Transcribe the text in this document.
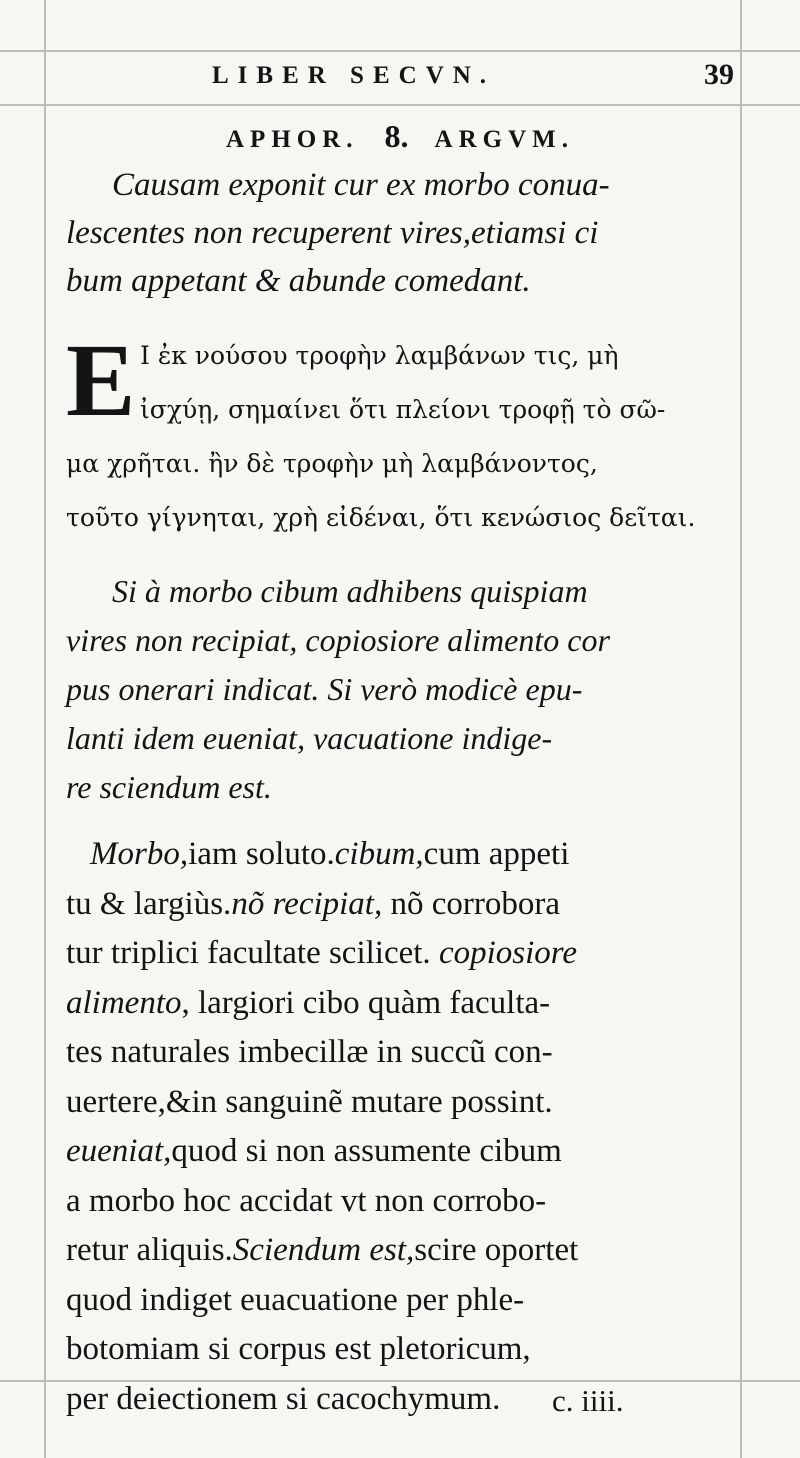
LIBER SECVN.	39
APHOR. 8. ARGVM.
Causam exponit cur ex morbo conua-
lescentes non recuperent vires,etiamsi ci
bum appetant & abunde comedant.
E Ι ἐκ νούσου τροφὴν λαμβάνων τις, μὴ
ἰσχύῃ, σημαίνει ὅτι πλείονι τροφῇ τὸ σῶ-
μα χρῆται. ἢν δὲ τροφὴν μὴ λαμβάνοντος,
τοῦτο γίγνηται, χρὴ εἰδέναι, ὅτι κενώσιος δεῖται.
Si à morbo cibum adhibens quispiam
vires non recipiat, copiosiore alimento cor
pus onerari indicat. Si verò modicè epu-
lanti idem eueniat, vacuatione indige-
re sciendum est.
Morbo,iam soluto.cibum,cum appeti
tu & largiùs.nõ recipiat, nõ corrobora
tur triplici facultate scilicet. copiosiore
alimento, largiori cibo quàm faculta-
tes naturales imbecillæ in succũ con-
uertere,&in sanguinẽ mutare possint.
eueniat,quod si non assumente cibum
a morbo hoc accidat vt non corrobo-
retur aliquis.Sciendum est,scire oportet
quod indiget euacuatione per phle-
botomiam si corpus est pletoricum,
per deiectionem si cacochymum.	c. iiii.
